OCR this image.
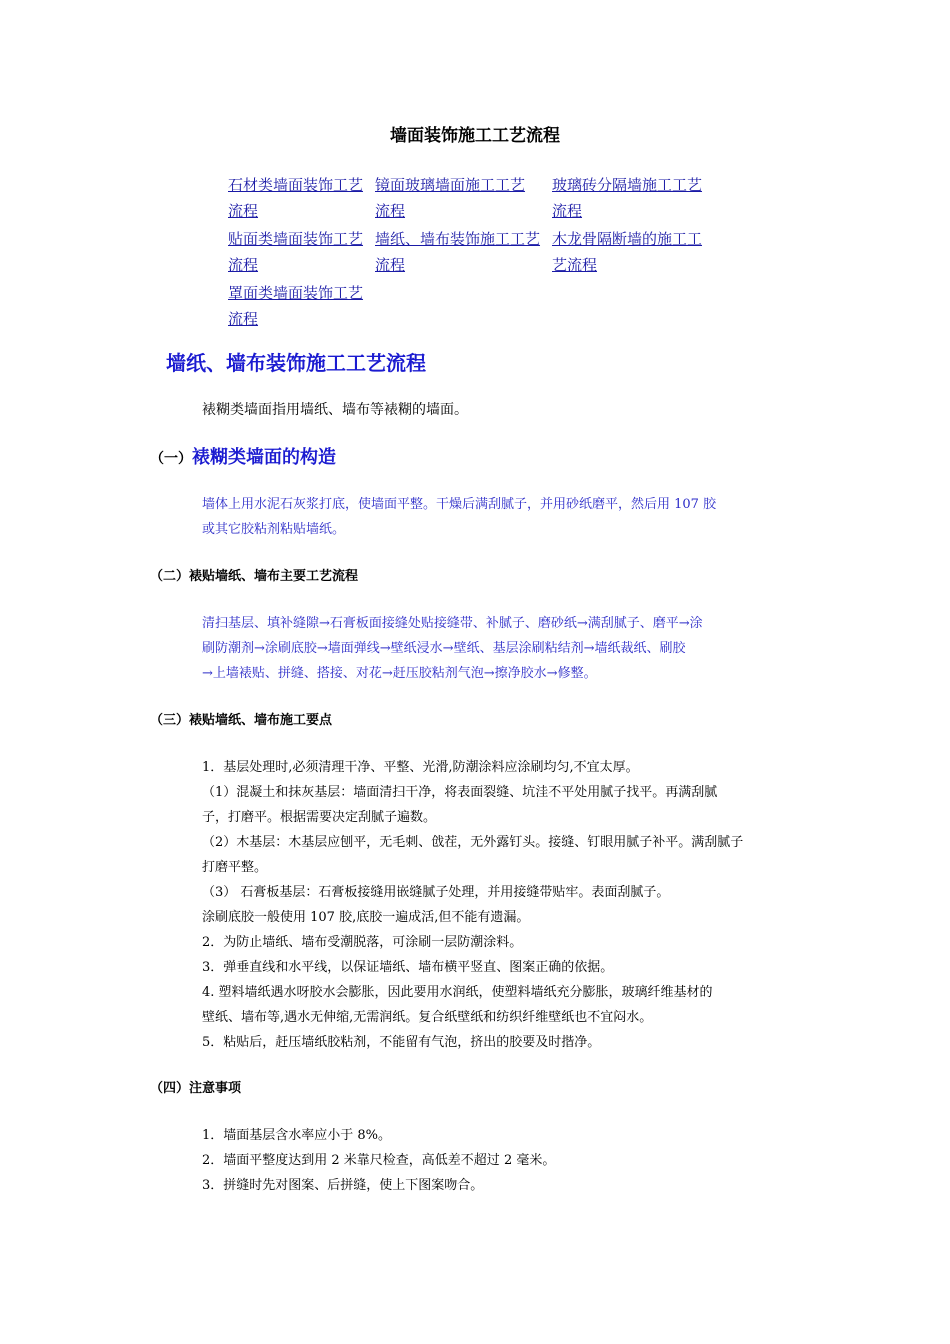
墙面装饰施工工艺流程
石材类墙面装饰工艺
流程
镜面玻璃墙面施工工艺
流程
玻璃砖分隔墙施工工艺
流程
贴面类墙面装饰工艺
流程
墙纸、墙布装饰施工工艺
流程
木龙骨隔断墙的施工工
艺流程
罩面类墙面装饰工艺
流程
墙纸、墙布装饰施工工艺流程

裱糊类墙面指用墙纸、墙布等裱糊的墙面。

（一）裱糊类墙面的构造

墙体上用水泥石灰浆打底，使墙面平整。干燥后满刮腻子，并用砂纸磨平，然后用 107 胶
或其它胶粘剂粘贴墙纸。

（二）裱贴墙纸、墙布主要工艺流程

清扫基层、填补缝隙→石膏板面接缝处贴接缝带、补腻子、磨砂纸→满刮腻子、磨平→涂
刷防潮剂→涂刷底胶→墙面弹线→壁纸浸水→壁纸、基层涂刷粘结剂→墙纸裁纸、刷胶
→上墙裱贴、拼缝、搭接、对花→赶压胶粘剂气泡→擦净胶水→修整。

（三）裱贴墙纸、墙布施工要点
1．基层处理时,必须清理干净、平整、光滑,防潮涂料应涂刷均匀,不宜太厚。
（1）混凝土和抹灰基层：墙面清扫干净，将表面裂缝、坑洼不平处用腻子找平。再满刮腻
子，打磨平。根据需要决定刮腻子遍数。
（2）木基层：木基层应刨平，无毛刺、戗茬，无外露钉头。接缝、钉眼用腻子补平。满刮腻子
打磨平整。
（3） 石膏板基层：石膏板接缝用嵌缝腻子处理，并用接缝带贴牢。表面刮腻子。
涂刷底胶一般使用 107 胶,底胶一遍成活,但不能有遗漏。
2．为防止墙纸、墙布受潮脱落，可涂刷一层防潮涂料。
3．弹垂直线和水平线，以保证墙纸、墙布横平竖直、图案正确的依据。
4. 塑料墙纸遇水呀胶水会膨胀，因此要用水润纸，使塑料墙纸充分膨胀，玻璃纤维基材的
壁纸、墙布等,遇水无伸缩,无需润纸。复合纸壁纸和纺织纤维壁纸也不宜闷水。
5．粘贴后，赶压墙纸胶粘剂，不能留有气泡，挤出的胶要及时揩净。
（四）注意事项
1．墙面基层含水率应小于 8%。
2．墙面平整度达到用 2 米靠尺检查，高低差不超过 2 毫米。
3．拼缝时先对图案、后拼缝，使上下图案吻合。
